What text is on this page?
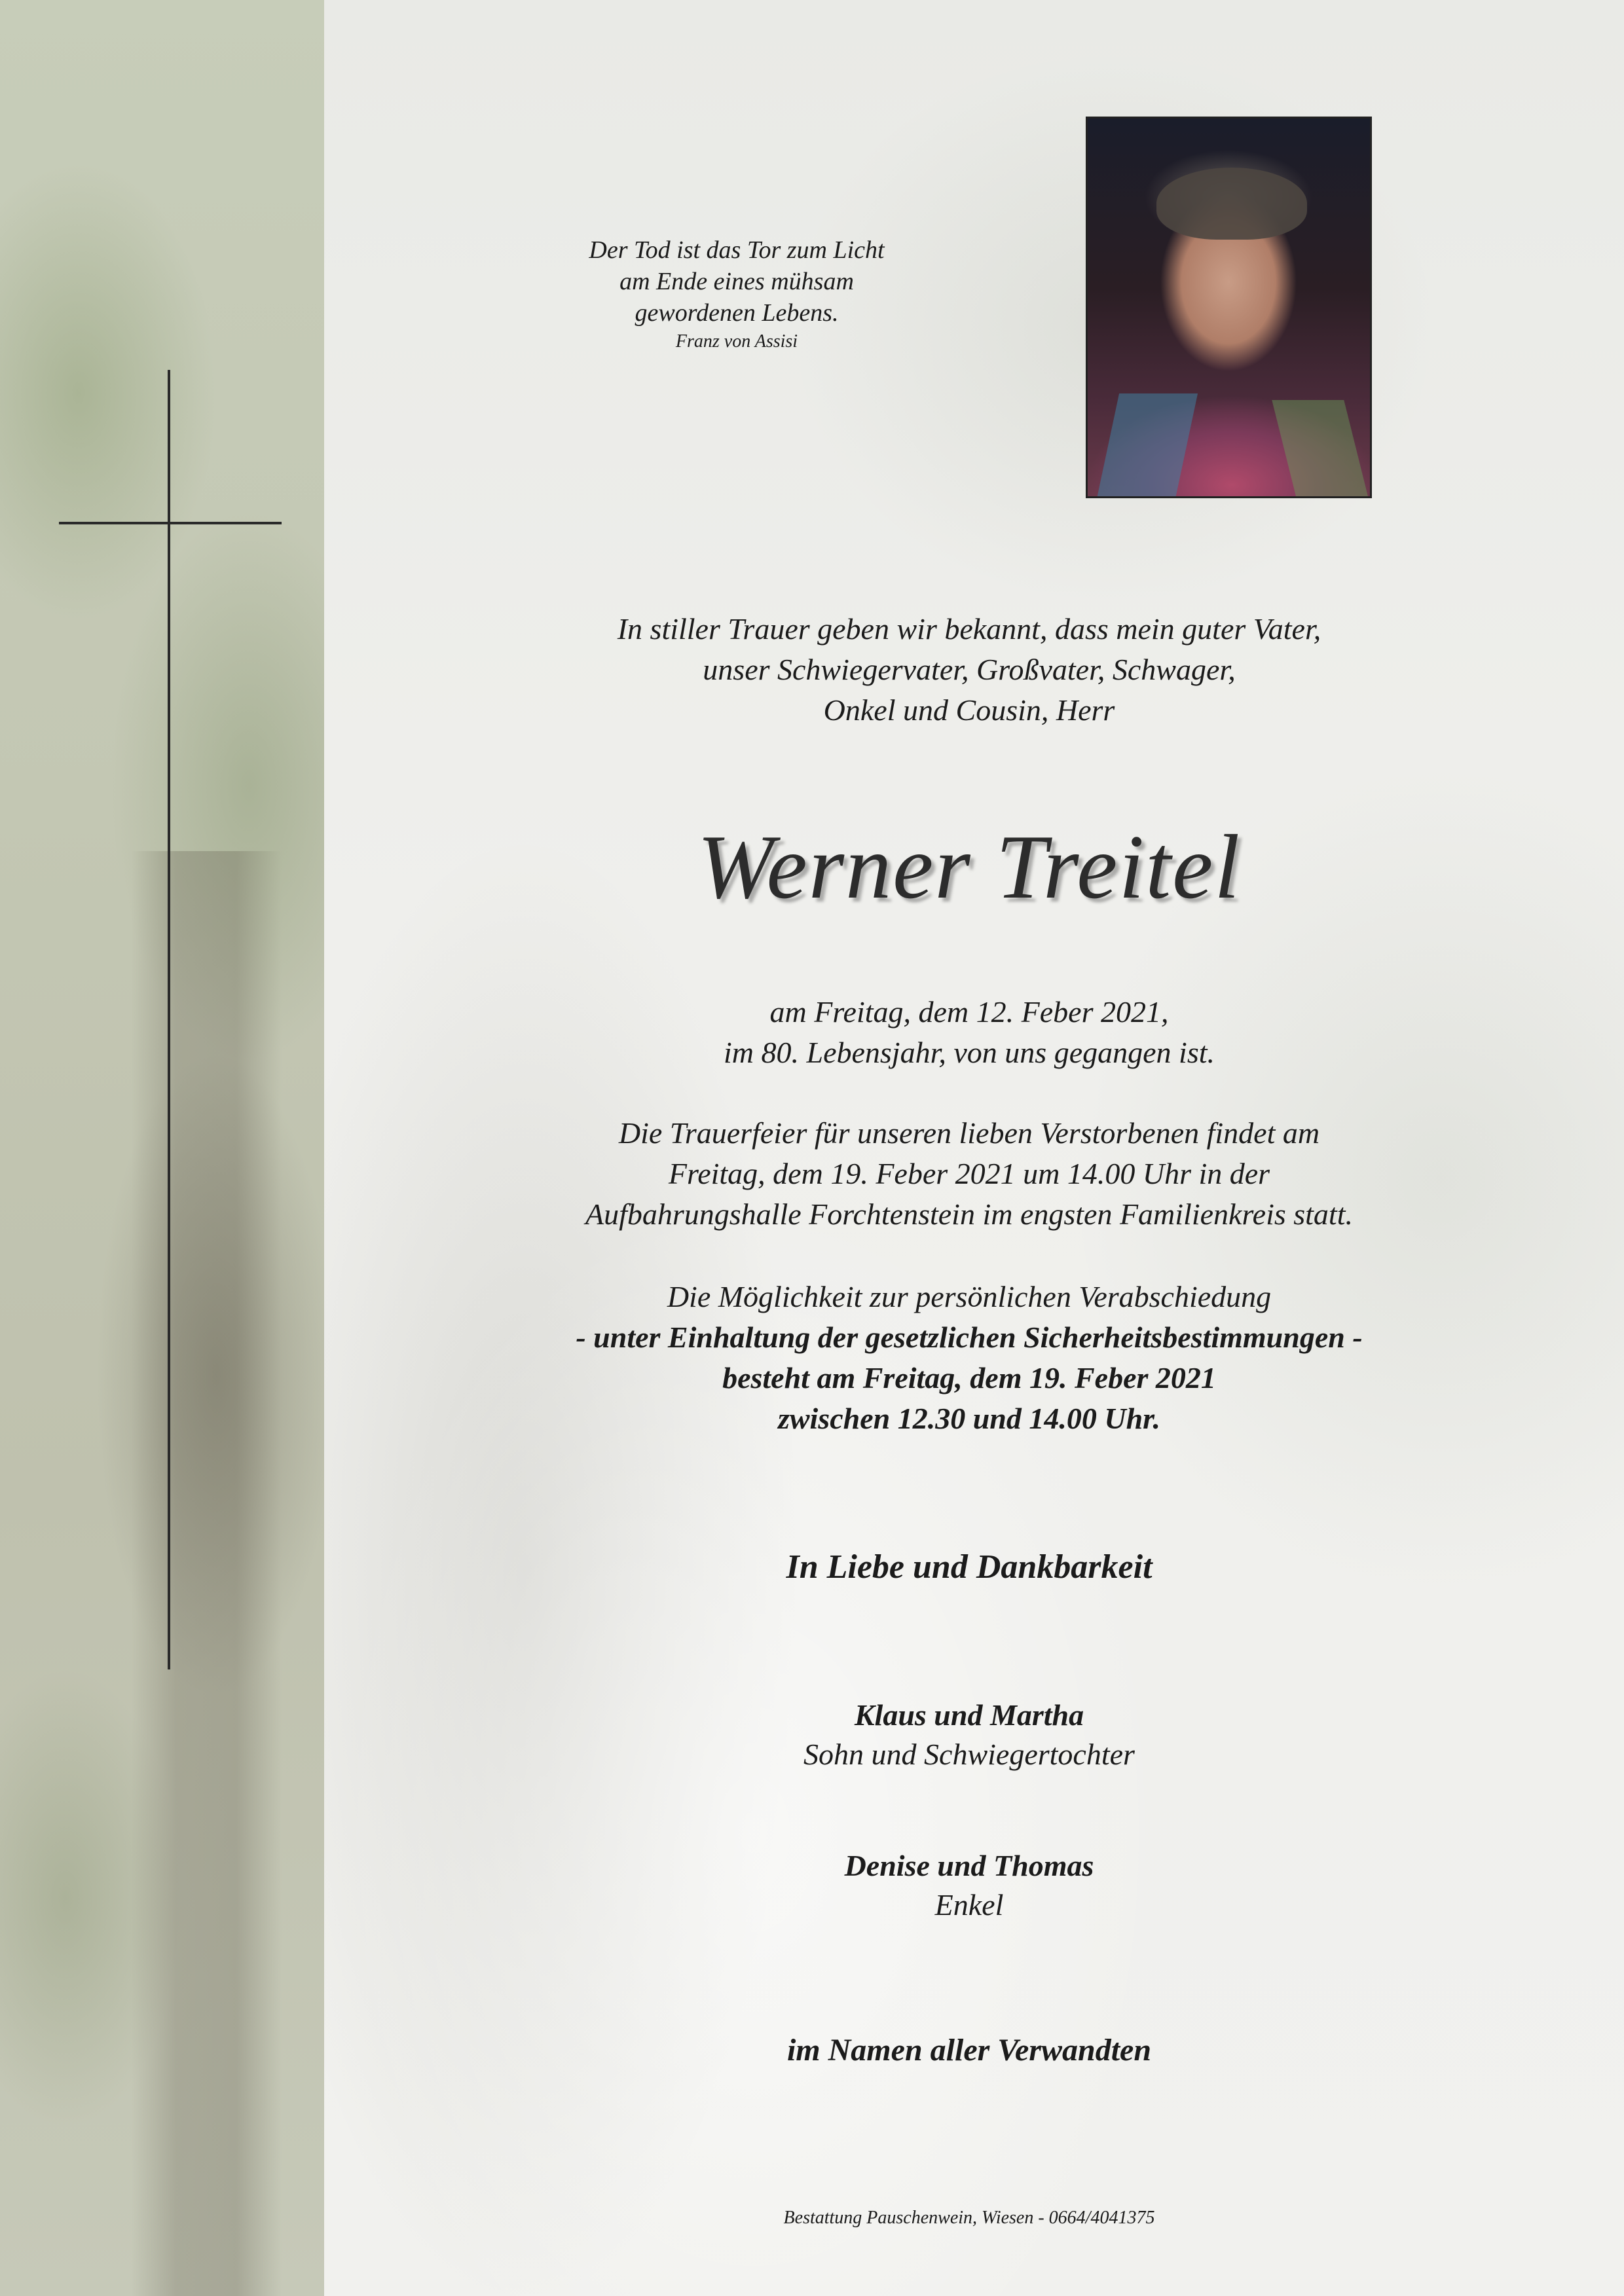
Der Tod ist das Tor zum Licht
am Ende eines mühsam
gewordenen Lebens.
Franz von Assisi
In stiller Trauer geben wir bekannt, dass mein guter Vater,
unser Schwiegervater, Großvater, Schwager,
Onkel und Cousin, Herr
Werner Treitel
am Freitag, dem 12. Feber 2021,
im 80. Lebensjahr, von uns gegangen ist.
Die Trauerfeier für unseren lieben Verstorbenen findet am
Freitag, dem 19. Feber 2021 um 14.00 Uhr in der
Aufbahrungshalle Forchtenstein im engsten Familienkreis statt.
Die Möglichkeit zur persönlichen Verabschiedung
- unter Einhaltung der gesetzlichen Sicherheitsbestimmungen -
besteht am Freitag, dem 19. Feber 2021
zwischen 12.30 und 14.00 Uhr.
In Liebe und Dankbarkeit
Klaus und Martha
Sohn und Schwiegertochter
Denise und Thomas
Enkel
im Namen aller Verwandten
Bestattung Pauschenwein, Wiesen - 0664/4041375
